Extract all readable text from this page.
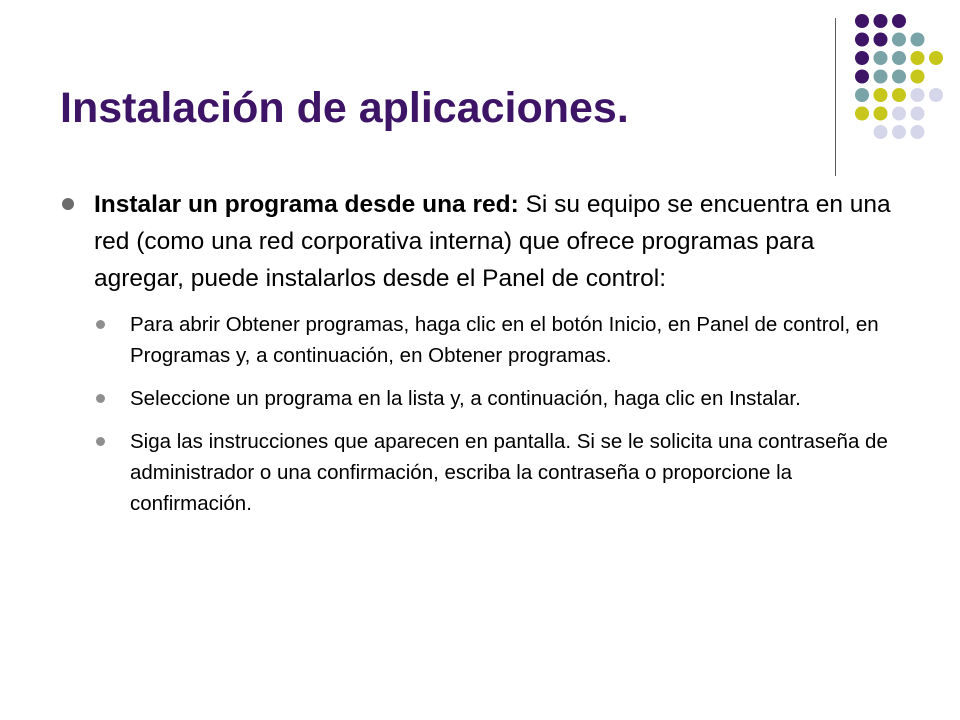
Instalación de aplicaciones.
Instalar un programa desde una red: Si su equipo se encuentra en una red (como una red corporativa interna) que ofrece programas para agregar, puede instalarlos desde el Panel de control:
Para abrir Obtener programas, haga clic en el botón Inicio, en Panel de control, en Programas y, a continuación, en Obtener programas.
Seleccione un programa en la lista y, a continuación, haga clic en Instalar.
Siga las instrucciones que aparecen en pantalla. Si se le solicita una contraseña de administrador o una confirmación, escriba la contraseña o proporcione la confirmación.
